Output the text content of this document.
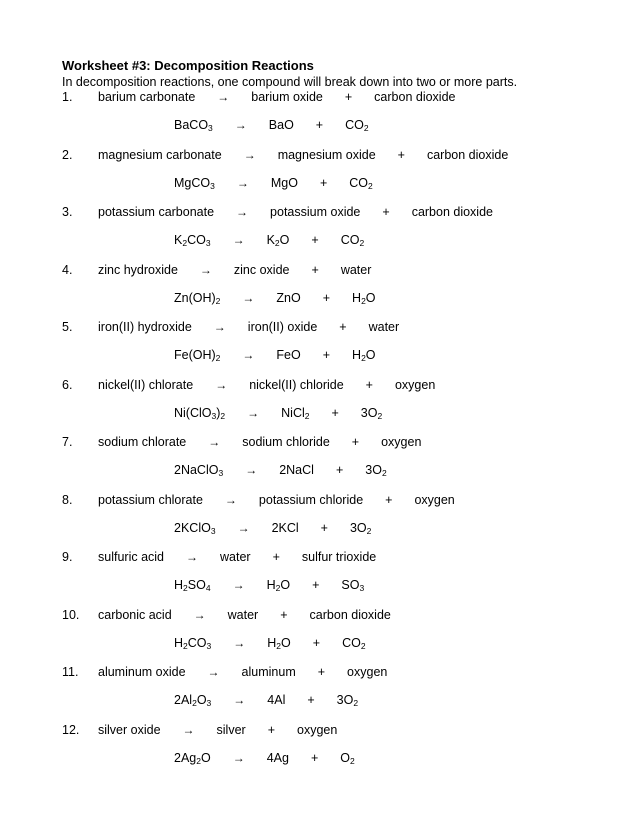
Worksheet #3: Decomposition Reactions
In decomposition reactions, one compound will break down into two or more parts.
1. barium carbonate → barium oxide + carbon dioxide
BaCO$_3$ → BaO + $CO_2$
2. magnesium carbonate → magnesium oxide + carbon dioxide
MgCO$_3$ → MgO + $CO_2$
3. potassium carbonate → potassium oxide + carbon dioxide
$K_2CO_3 \to K_2O + CO_2$
4. zinc hydroxide → zinc oxide + water
$Zn(OH)_2$ → ZnO + $H_2O$
5. iron(II) hydroxide → iron(II) oxide + water
$Fe(OH)_2$ → FeO + $H_2O$
6. nickel(II) chlorate → nickel(II) chloride + oxygen
$Ni(ClO_3)_2$ → NiCl$_2$ + $3O_2$
7. sodium chlorate → sodium chloride + oxygen
2NaClO$_3$ → 2NaCl + $3O_2$
8. potassium chlorate → potassium chloride + oxygen
2KClO$_3$ → $2KCl + 3O_2$
9. sulfuric acid → water + sulfur trioxide
$H_2SO_4 \to H_2O + SO_3$
10. carbonic acid → water + carbon dioxide
$H_2CO_3 \to H_2O + CO_2$
11. aluminum oxide → aluminum + oxygen
$2Al_2O_3 \to 4Al + 3O_2$
12. silver oxide → silver + oxygen
$2Ag_2O \to 4Ag + O_2$
